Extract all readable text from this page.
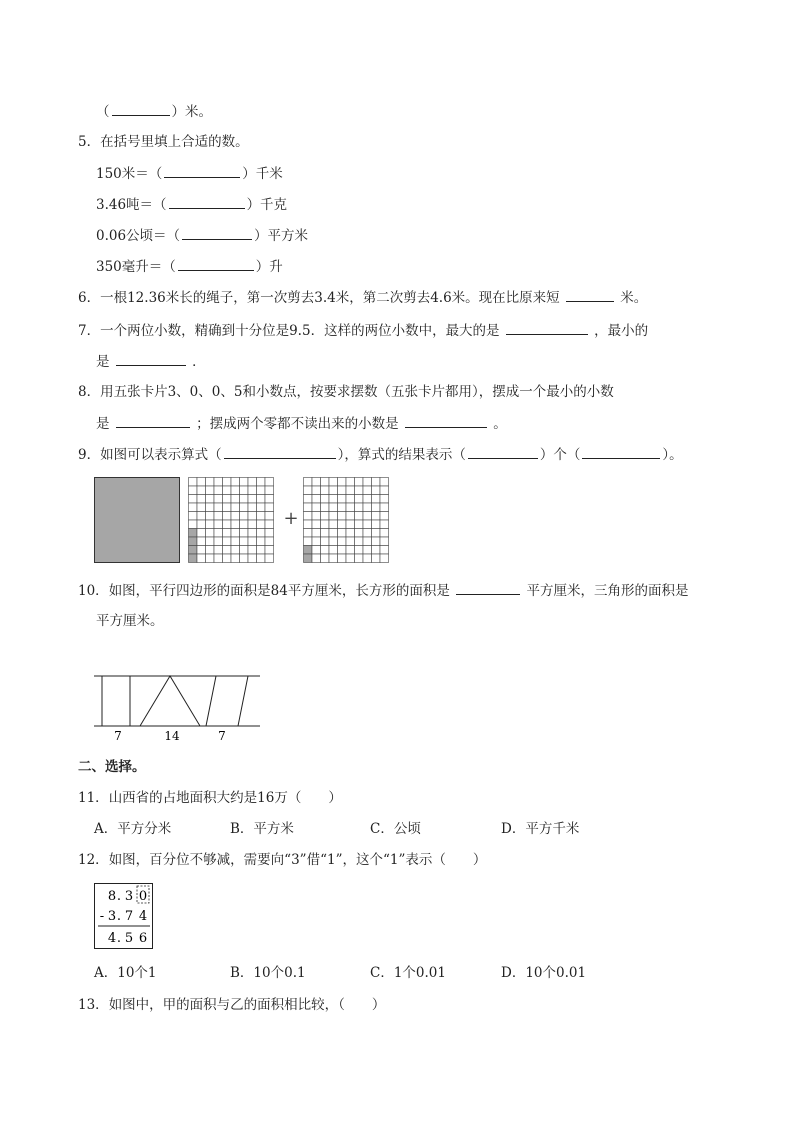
（	）米。
5．在括号里填上合适的数。
150米＝（	）千米
3.46吨＝（	）千克
0.06公顷＝（	）平方米
350毫升＝（	）升
6．一根12.36米长的绳子，第一次剪去3.4米，第二次剪去4.6米。现在比原来短	米。
7．一个两位小数，精确到十分位是9.5．这样的两位小数中，最大的是	，最小的
是	．
8．用五张卡片3、0、0、5和小数点，按要求摆数（五张卡片都用），摆成一个最小的小数
是	；摆成两个零都不读出来的小数是	。
9．如图可以表示算式（	），算式的结果表示（	）个（	）。
+
10．如图，平行四边形的面积是84平方厘米，长方形的面积是	平方厘米，三角形的面积是
平方厘米。
7	14	7
二、选择。
11．山西省的占地面积大约是16万（　　）
A．平方分米	B．平方米	C．公顷	D．平方千米
12．如图，百分位不够减，需要向“3”借“1”，这个“1”表示（　　）
8 . 3 0
- 3 . 7 4
4 . 5 6
A．10个1	B．10个0.1	C．1个0.01	D．10个0.01
13．如图中，甲的面积与乙的面积相比较，（　　）
